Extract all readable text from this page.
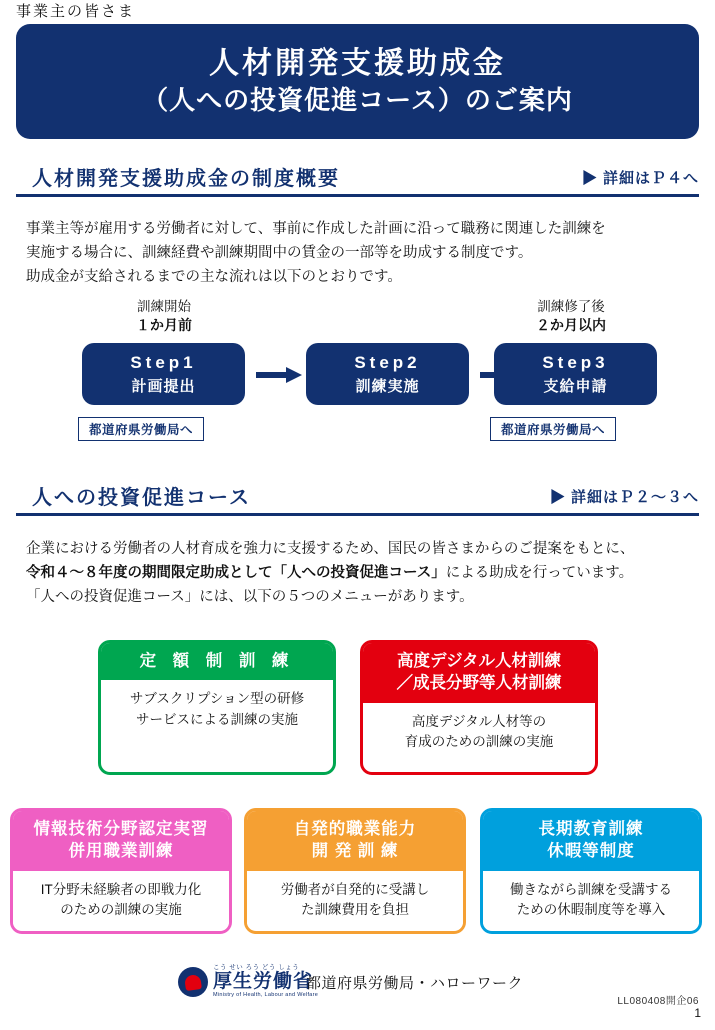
事業主の皆さま
人材開発支援助成金
（人への投資促進コース）のご案内
▶ 詳細はＰ４へ
人材開発支援助成金の制度概要
事業主等が雇用する労働者に対して、事前に作成した計画に沿って職務に関連した訓練を
実施する場合に、訓練経費や訓練期間中の賃金の一部等を助成する制度です。
助成金が支給されるまでの主な流れは以下のとおりです。
訓練開始
１か月前
訓練修了後
２か月以内
Step1
計画提出
Step2
訓練実施
Step3
支給申請
都道府県労働局へ	都道府県労働局へ
▶ 詳細はＰ２～３へ
人への投資促進コース
企業における労働者の人材育成を強力に支援するため、国民の皆さまからのご提案をもとに、
令和４～８年度の期間限定助成として「人への投資促進コース」による助成を行っています。
「人への投資促進コース」には、以下の５つのメニューがあります。
定 額 制 訓 練
サブスクリプション型の研修
サービスによる訓練の実施
高度デジタル人材訓練
／成長分野等人材訓練
高度デジタル人材等の
育成のための訓練の実施
情報技術分野認定実習
併用職業訓練
IT分野未経験者の即戦力化
のための訓練の実施
自発的職業能力
開 発 訓 練
労働者が自発的に受講し
た訓練費用を負担
長期教育訓練
休暇等制度
働きながら訓練を受講する
ための休暇制度等を導入
こう せい ろう どう しょう
厚生労働省
Ministry of Health, Labour and Welfare
都道府県労働局・ハローワーク
LL080408開企06
1
